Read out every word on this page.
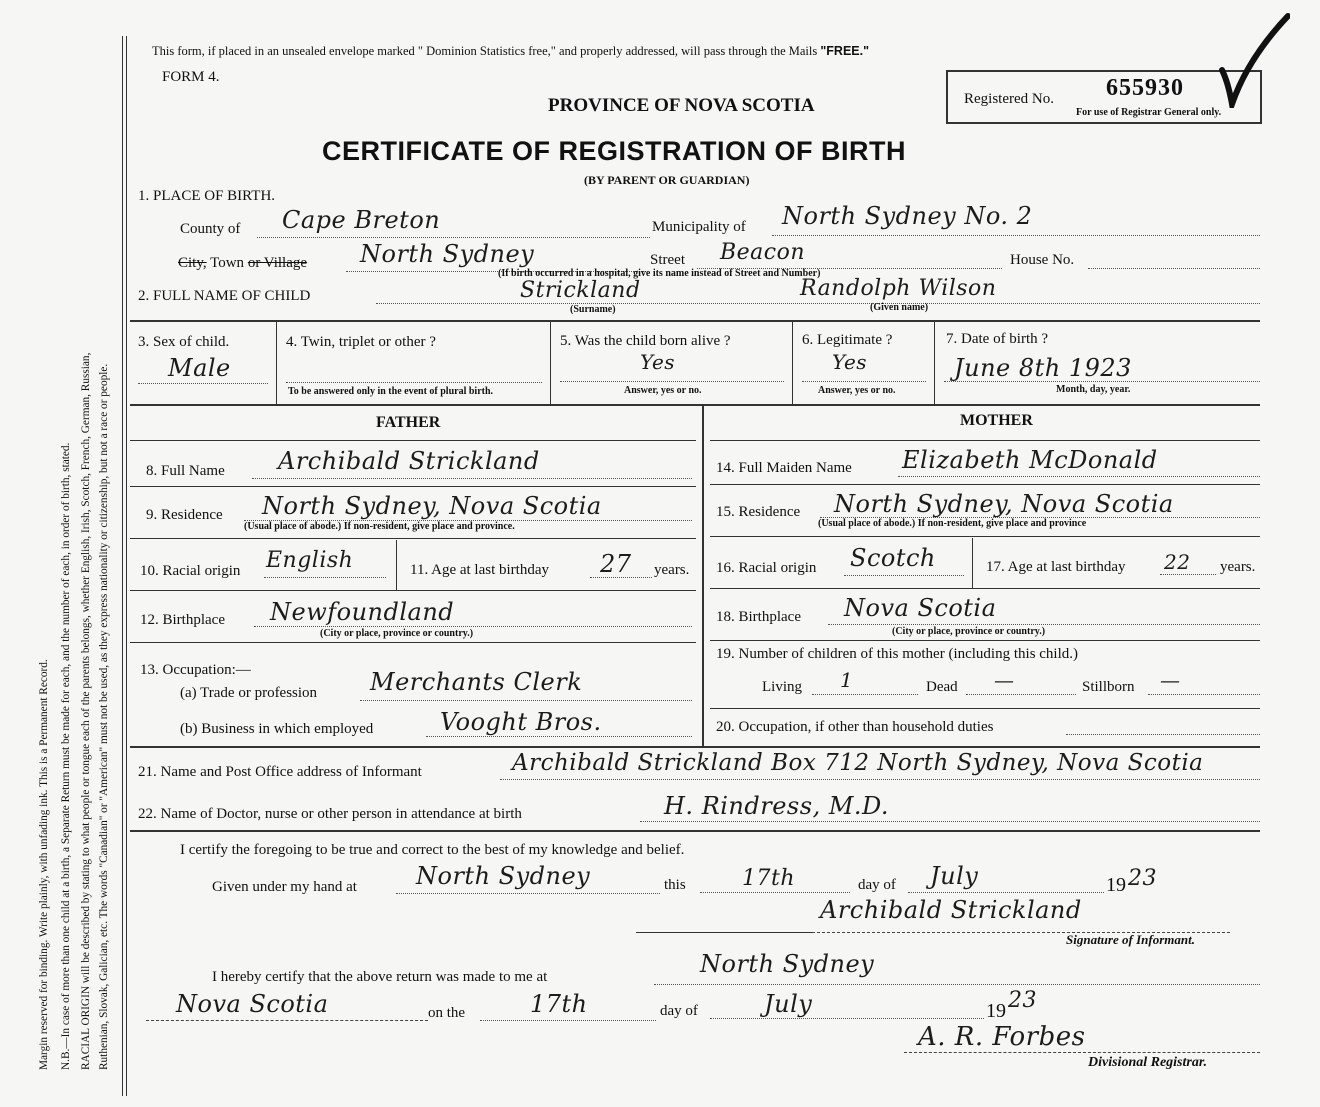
Margin reserved for binding. Write plainly, with unfading ink. This is a Permanent Record. N.B.—In case of more than one child at a birth, a Separate Return must be made for each, and the number of each, in order of birth, stated. RACIAL ORIGIN will be described by stating to what people or tongue each of the parents belongs, whether English, Irish, Scotch, French, German, Russian, Ruthenian, Slovak, Galician, etc. The words "Canadian" or "American" must not be used, as they express nationality or citizenship, but not a race or people.
This form, if placed in an unsealed envelope marked " Dominion Statistics free," and properly addressed, will pass through the Mails "FREE."
FORM 4.
PROVINCE OF NOVA SCOTIA
CERTIFICATE OF REGISTRATION OF BIRTH
(BY PARENT OR GUARDIAN)
Registered No. 655930
For use of Registrar General only.
1. PLACE OF BIRTH.
County of Cape Breton	Municipality of North Sydney No. 2
City, Town or Village North Sydney	Street Beacon	House No.
(If birth occurred in a hospital, give its name instead of Street and Number)
2. FULL NAME OF CHILD	Strickland	Randolph Wilson
(Surname)	(Given name)
3. Sex of child.
Male
4. Twin, triplet or other ?
To be answered only in the event of plural birth.
5. Was the child born alive ?
Yes
Answer, yes or no.
6. Legitimate ?
Yes
Answer, yes or no.
7. Date of birth ?
June 8th 1923
Month, day, year.
FATHER	MOTHER
8. Full Name Archibald Strickland	14. Full Maiden Name Elizabeth McDonald
9. Residence North Sydney, Nova Scotia
(Usual place of abode.) If non-resident, give place and province.
15. Residence North Sydney, Nova Scotia
(Usual place of abode.) If non-resident, give place and province
10. Racial origin English	11. Age at last birthday 27 years. 16. Racial origin Scotch	17. Age at last birthday 22 years.
12. Birthplace Newfoundland
(City or place, province or country.)
18. Birthplace Nova Scotia
(City or place, province or country.)
13. Occupation:—
(a) Trade or profession Merchants Clerk
(b) Business in which employed	Vooght Bros.
19. Number of children of this mother (including this child.)
Living 1	Dead —	Stillborn —
20. Occupation, if other than household duties
21. Name and Post Office address of Informant	Archibald Strickland Box 712 North Sydney, Nova Scotia
22. Name of Doctor, nurse or other person in attendance at birth	H. Rindress, M.D.
I certify the foregoing to be true and correct to the best of my knowledge and belief.
Given under my hand at North Sydney	this	17th	day of July	19 23
Archibald Strickland
Signature of Informant.
I hereby certify that the above return was made to me at	North Sydney
Nova Scotia	on the	17th	day of	July	19 23
A. R. Forbes
Divisional Registrar.
